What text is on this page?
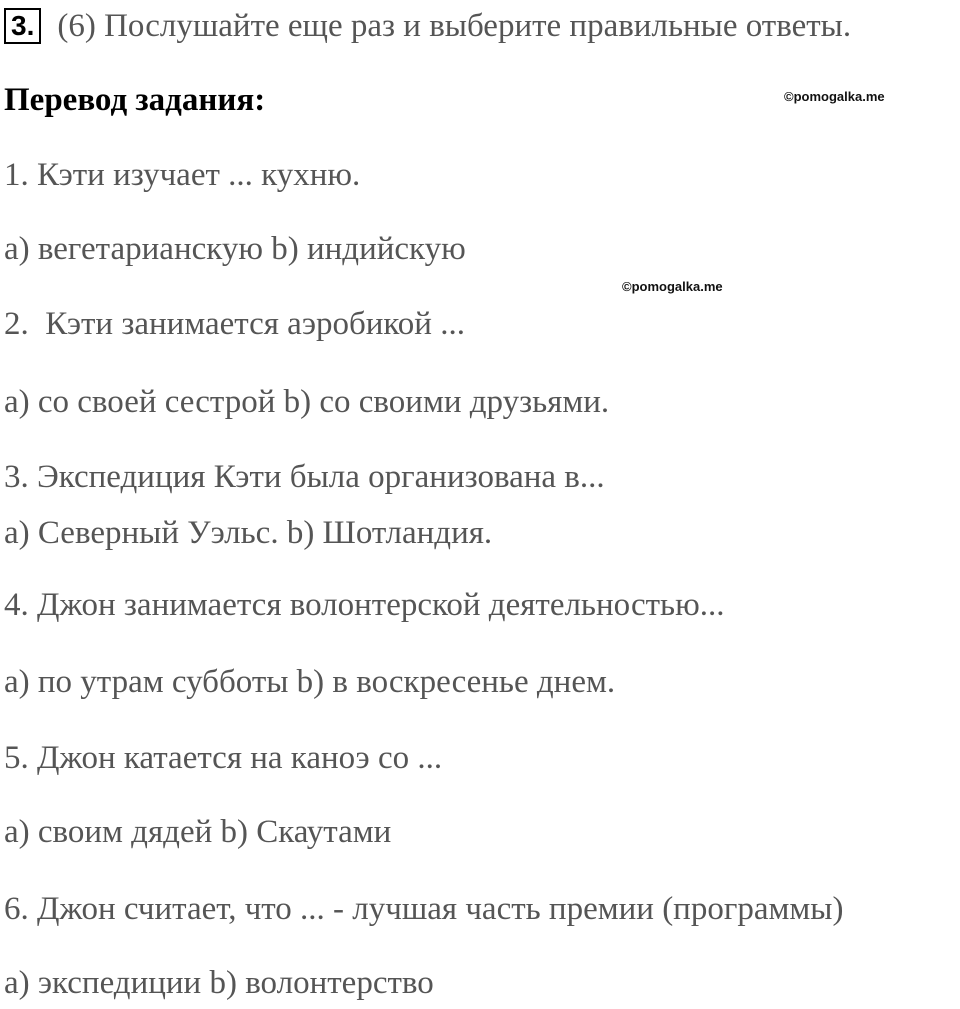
3. (6) Послушайте еще раз и выберите правильные ответы.
Перевод задания:	©pomogalka.me
©pomogalka.me
1. Кэти изучает ... кухню.
a) вегетарианскую b) индийскую
2.  Кэти занимается аэробикой ...
a) со своей сестрой b) со своими друзьями.
3. Экспедиция Кэти была организована в...
a) Северный Уэльс. b) Шотландия.
4. Джон занимается волонтерской деятельностью...
a) по утрам субботы b) в воскресенье днем.
5. Джон катается на каноэ со ...
a) своим дядей b) Скаутами
6. Джон считает, что ... - лучшая часть премии (программы)
a) экспедиции b) волонтерство
